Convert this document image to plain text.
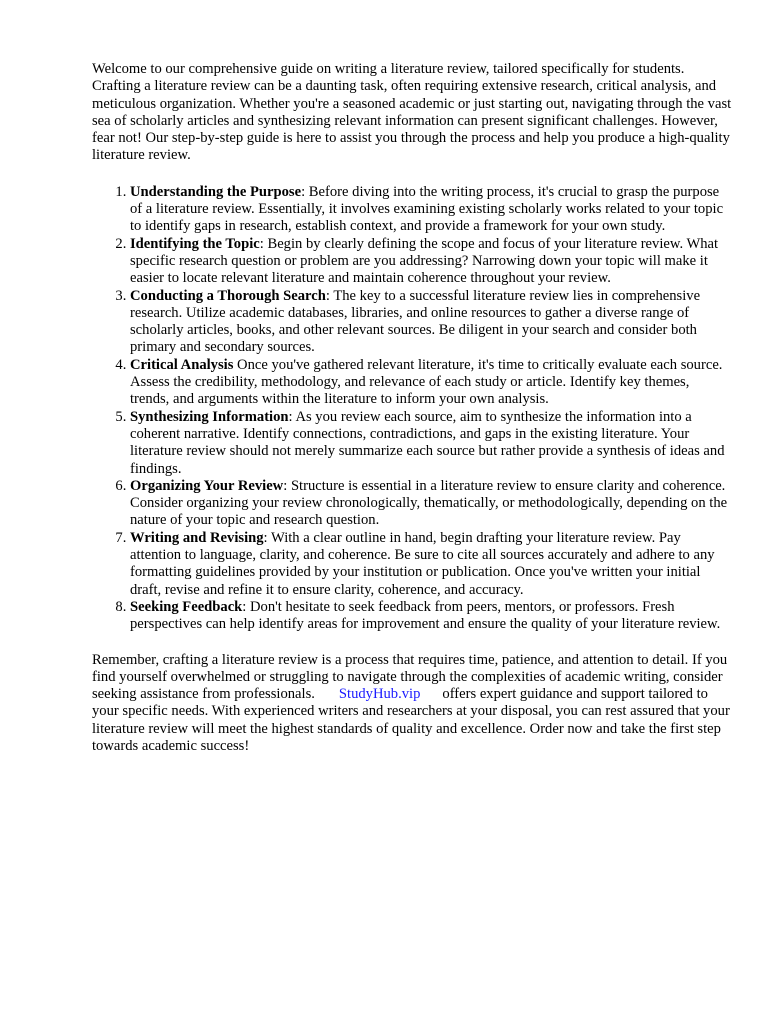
Welcome to our comprehensive guide on writing a literature review, tailored specifically for students. Crafting a literature review can be a daunting task, often requiring extensive research, critical analysis, and meticulous organization. Whether you're a seasoned academic or just starting out, navigating through the vast sea of scholarly articles and synthesizing relevant information can present significant challenges. However, fear not! Our step-by-step guide is here to assist you through the process and help you produce a high-quality literature review.

1. Understanding the Purpose: Before diving into the writing process, it's crucial to grasp the purpose of a literature review. Essentially, it involves examining existing scholarly works related to your topic to identify gaps in research, establish context, and provide a framework for your own study.
2. Identifying the Topic: Begin by clearly defining the scope and focus of your literature review. What specific research question or problem are you addressing? Narrowing down your topic will make it easier to locate relevant literature and maintain coherence throughout your review.
3. Conducting a Thorough Search: The key to a successful literature review lies in comprehensive research. Utilize academic databases, libraries, and online resources to gather a diverse range of scholarly articles, books, and other relevant sources. Be diligent in your search and consider both primary and secondary sources.
4. Critical Analysis Once you've gathered relevant literature, it's time to critically evaluate each source. Assess the credibility, methodology, and relevance of each study or article. Identify key themes, trends, and arguments within the literature to inform your own analysis.
5. Synthesizing Information: As you review each source, aim to synthesize the information into a coherent narrative. Identify connections, contradictions, and gaps in the existing literature. Your literature review should not merely summarize each source but rather provide a synthesis of ideas and findings.
6. Organizing Your Review: Structure is essential in a literature review to ensure clarity and coherence. Consider organizing your review chronologically, thematically, or methodologically, depending on the nature of your topic and research question.
7. Writing and Revising: With a clear outline in hand, begin drafting your literature review. Pay attention to language, clarity, and coherence. Be sure to cite all sources accurately and adhere to any formatting guidelines provided by your institution or publication. Once you've written your initial draft, revise and refine it to ensure clarity, coherence, and accuracy.
8. Seeking Feedback: Don't hesitate to seek feedback from peers, mentors, or professors. Fresh perspectives can help identify areas for improvement and ensure the quality of your literature review.

Remember, crafting a literature review is a process that requires time, patience, and attention to detail. If you find yourself overwhelmed or struggling to navigate through the complexities of academic writing, consider seeking assistance from professionals. StudyHub.vip offers expert guidance and support tailored to your specific needs. With experienced writers and researchers at your disposal, you can rest assured that your literature review will meet the highest standards of quality and excellence. Order now and take the first step towards academic success!
